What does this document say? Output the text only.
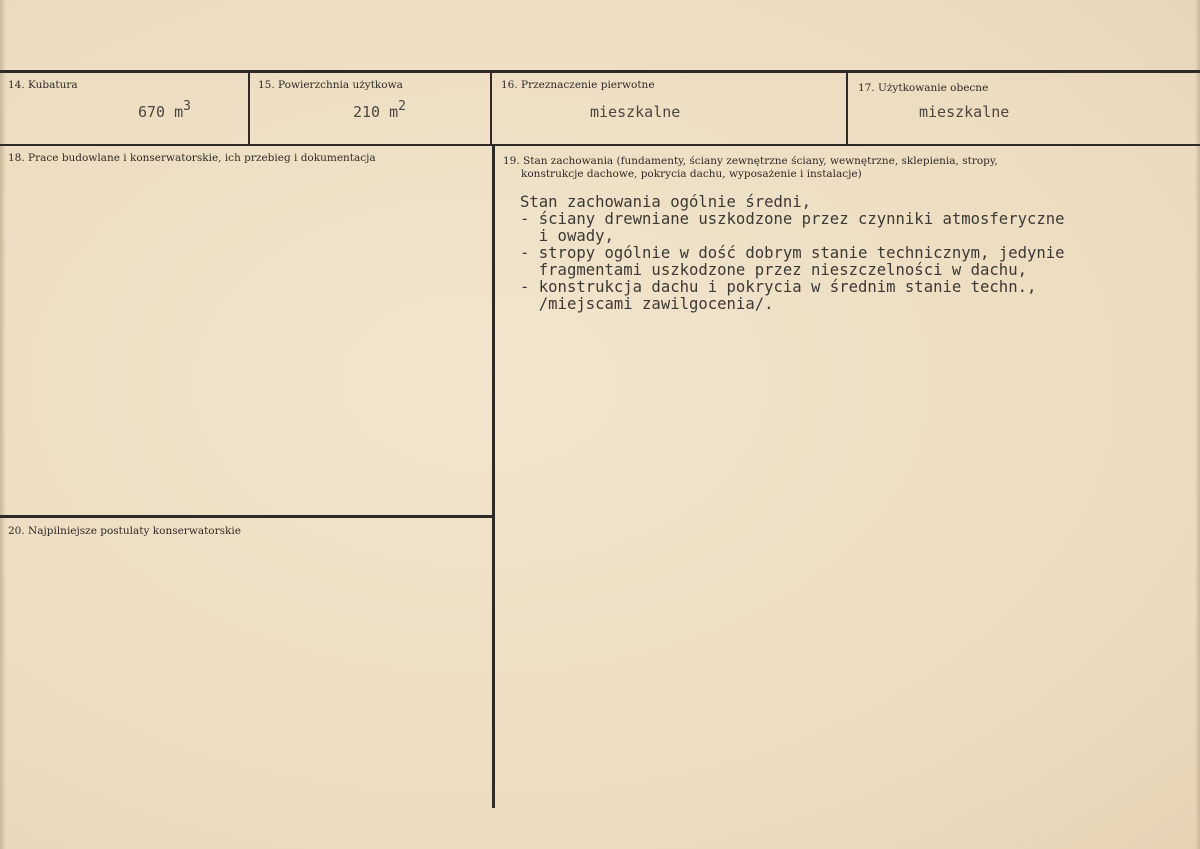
14. Kubatura
670 $m^3$
15. Powierzchnia użytkowa
210 $m^2$
16. Przeznaczenie pierwotne
mieszkalne
17. Użytkowanie obecne
mieszkalne
18. Prace budowlane i konserwatorskie, ich przebieg i dokumentacja	19. Stan zachowania (fundamenty, ściany zewnętrzne ściany, wewnętrzne, sklepienia, stropy,
konstrukcje dachowe, pokrycia dachu, wyposażenie i instalacje)
Stan zachowania ogólnie średni,
- ściany drewniane uszkodzone przez czynniki atmosferyczne
i owady,
- stropy ogólnie w dość dobrym stanie technicznym, jedynie
fragmentami uszkodzone przez nieszczelności w dachu,
- konstrukcja dachu i pokrycia w średnim stanie techn.,
/miejscami zawilgocenia/.
20. Najpilniejsze postulaty konserwatorskie
